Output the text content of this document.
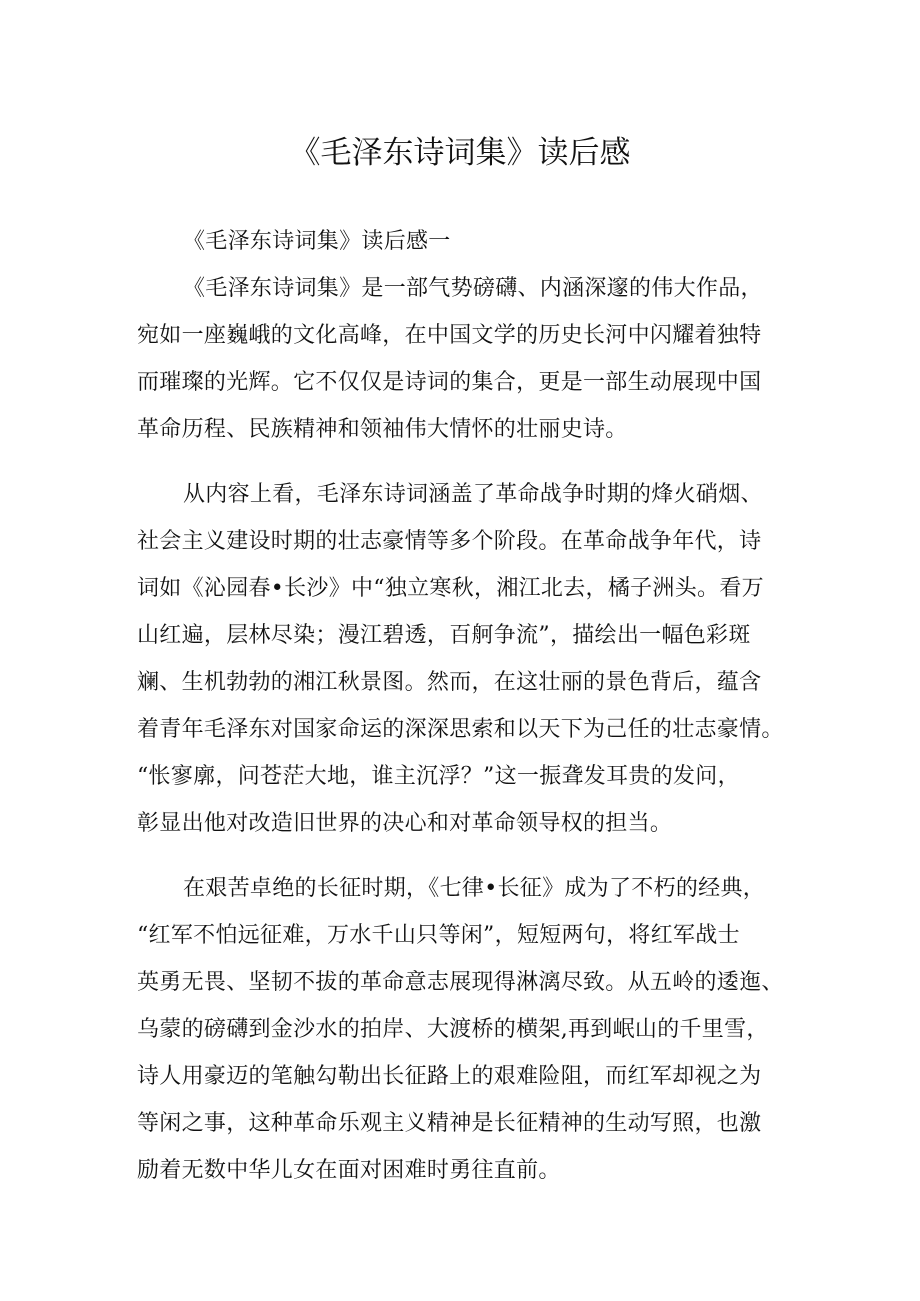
《毛泽东诗词集》读后感
《毛泽东诗词集》读后感一
《毛泽东诗词集》是一部气势磅礴、内涵深邃的伟大作品，
宛如一座巍峨的文化高峰，在中国文学的历史长河中闪耀着独特
而璀璨的光辉。它不仅仅是诗词的集合，更是一部生动展现中国
革命历程、民族精神和领袖伟大情怀的壮丽史诗。
从内容上看，毛泽东诗词涵盖了革命战争时期的烽火硝烟、
社会主义建设时期的壮志豪情等多个阶段。在革命战争年代，诗
词如《沁园春•长沙》中“独立寒秋，湘江北去，橘子洲头。看万
山红遍，层林尽染；漫江碧透，百舸争流”，描绘出一幅色彩斑
斓、生机勃勃的湘江秋景图。然而，在这壮丽的景色背后，蕴含
着青年毛泽东对国家命运的深深思索和以天下为己任的壮志豪情。
“怅寥廓，问苍茫大地，谁主沉浮？”这一振聋发耳贵的发问，
彰显出他对改造旧世界的决心和对革命领导权的担当。
在艰苦卓绝的长征时期，《七律•长征》成为了不朽的经典，
“红军不怕远征难，万水千山只等闲”，短短两句，将红军战士
英勇无畏、坚韧不拔的革命意志展现得淋漓尽致。从五岭的逶迤、
乌蒙的磅礴到金沙水的拍岸、大渡桥的横架,再到岷山的千里雪，
诗人用豪迈的笔触勾勒出长征路上的艰难险阻，而红军却视之为
等闲之事，这种革命乐观主义精神是长征精神的生动写照，也激
励着无数中华儿女在面对困难时勇往直前。
